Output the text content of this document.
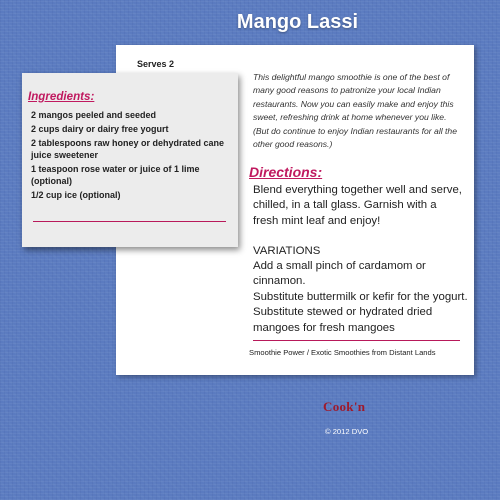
Mango Lassi
Serves 2
This delightful mango smoothie is one of the best of many good reasons to patronize your local Indian restaurants. Now you can easily make and enjoy this sweet, refreshing drink at home whenever you like. (But do continue to enjoy Indian restaurants for all the other good reasons.)
Directions:
Blend everything together well and serve, chilled, in a tall glass. Garnish with a fresh mint leaf and enjoy!
VARIATIONS
Add a small pinch of cardamom or cinnamon.
Substitute buttermilk or kefir for the yogurt.
Substitute stewed or hydrated dried mangoes for fresh mangoes
Smoothie Power / Exotic Smoothies from Distant Lands
Ingredients:
2 mangos peeled and seeded
2 cups dairy or dairy free yogurt
2 tablespoons raw honey or dehydrated cane juice sweetener
1 teaspoon rose water or juice of 1 lime (optional)
1/2 cup ice (optional)
Cook'n
© 2012 DVO
